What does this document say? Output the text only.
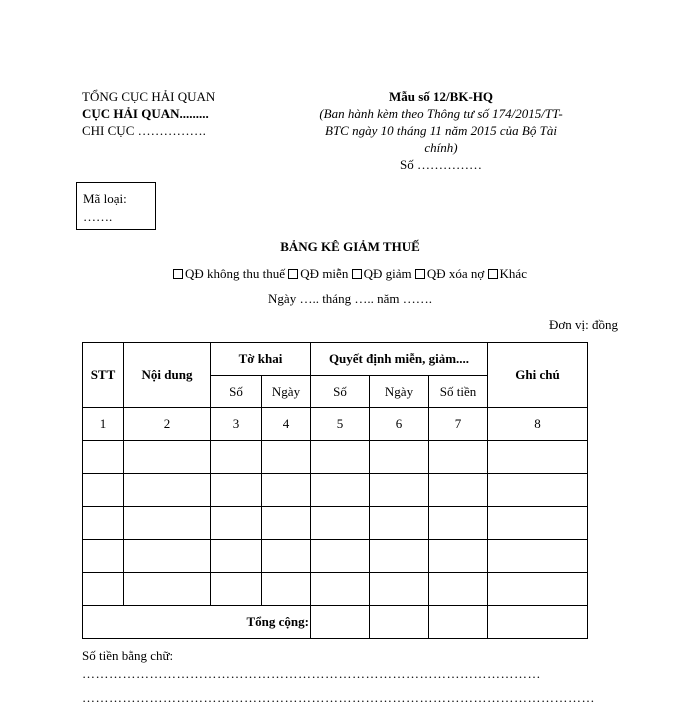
TỔNG CỤC HẢI QUAN
CỤC HẢI QUAN.........
CHI CỤC …………….
Mẫu số 12/BK-HQ
(Ban hành kèm theo Thông tư số 174/2015/TT-
BTC ngày 10 tháng 11 năm 2015 của Bộ Tài
chính)
Số ……………
Mã loại:
…….
BẢNG KÊ GIẢM THUẾ
QĐ không thu thuế QĐ miễn QĐ giảm QĐ xóa nợ Khác
Ngày ….. tháng ….. năm …….
Đơn vị: đồng
STT	Nội dung	Tờ khai		Quyết định miễn, giảm....			Ghi chú
		Số	Ngày	Số	Ngày	Số tiền	
1	2	3	4	5	6	7	8

		Tổng cộng:					
Số tiền bằng chữ:
…………………………………………………………………………………………
……………………………………………………………………………………………………
